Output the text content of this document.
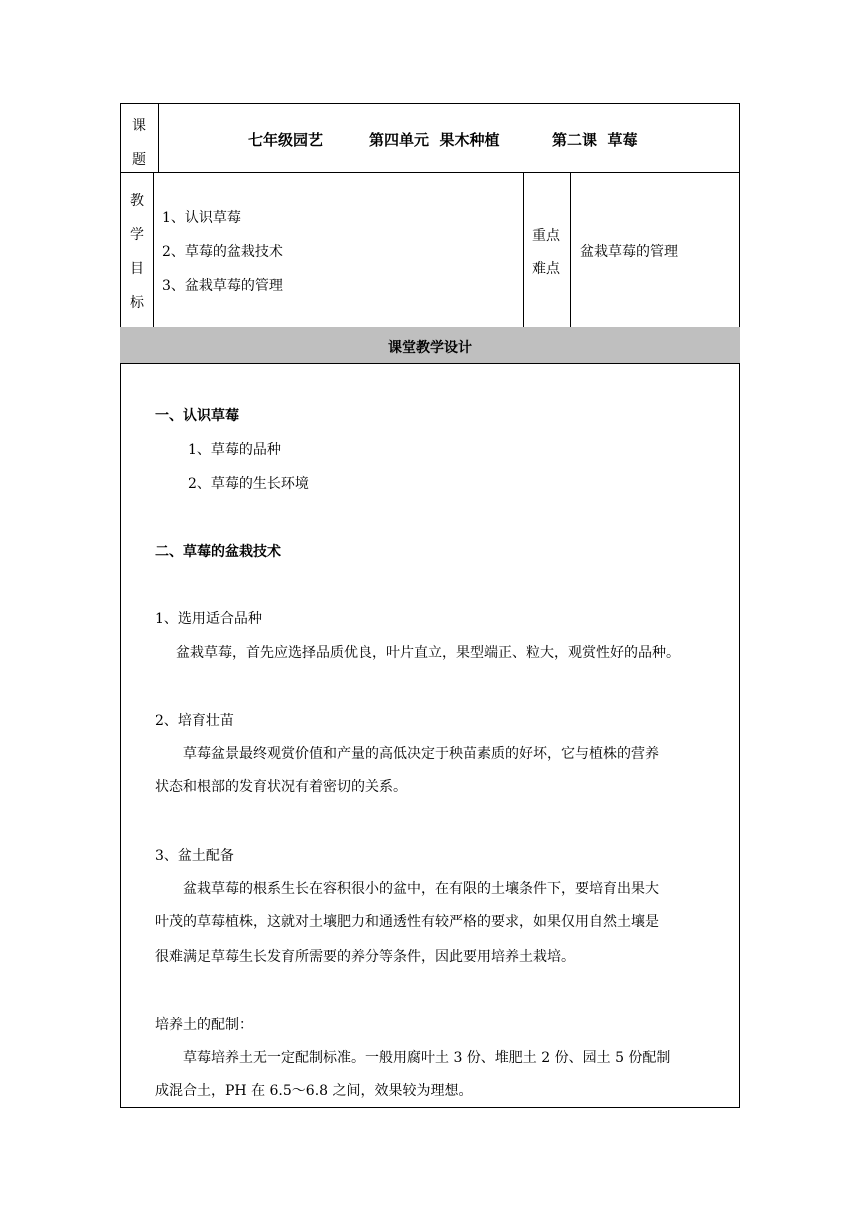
课
题
七年级园艺	第四单元  果木种植	第二课  草莓
教
学
目
标
1、认识草莓
2、草莓的盆栽技术
3、盆栽草莓的管理
重点
难点
盆栽草莓的管理
课堂教学设计
一、认识草莓
1、草莓的品种
2、草莓的生长环境
二、草莓的盆栽技术
1、选用适合品种
盆栽草莓，首先应选择品质优良，叶片直立，果型端正、粒大，观赏性好的品种。
2、培育壮苗
草莓盆景最终观赏价值和产量的高低决定于秧苗素质的好坏，它与植株的营养
状态和根部的发育状况有着密切的关系。
3、盆土配备
盆栽草莓的根系生长在容积很小的盆中，在有限的土壤条件下，要培育出果大
叶茂的草莓植株，这就对土壤肥力和通透性有较严格的要求，如果仅用自然土壤是
很难满足草莓生长发育所需要的养分等条件，因此要用培养土栽培。
培养土的配制：
草莓培养土无一定配制标准。一般用腐叶土 3 份、堆肥土 2 份、园土 5 份配制
成混合土，PH 在 6.5～6.8 之间，效果较为理想。
